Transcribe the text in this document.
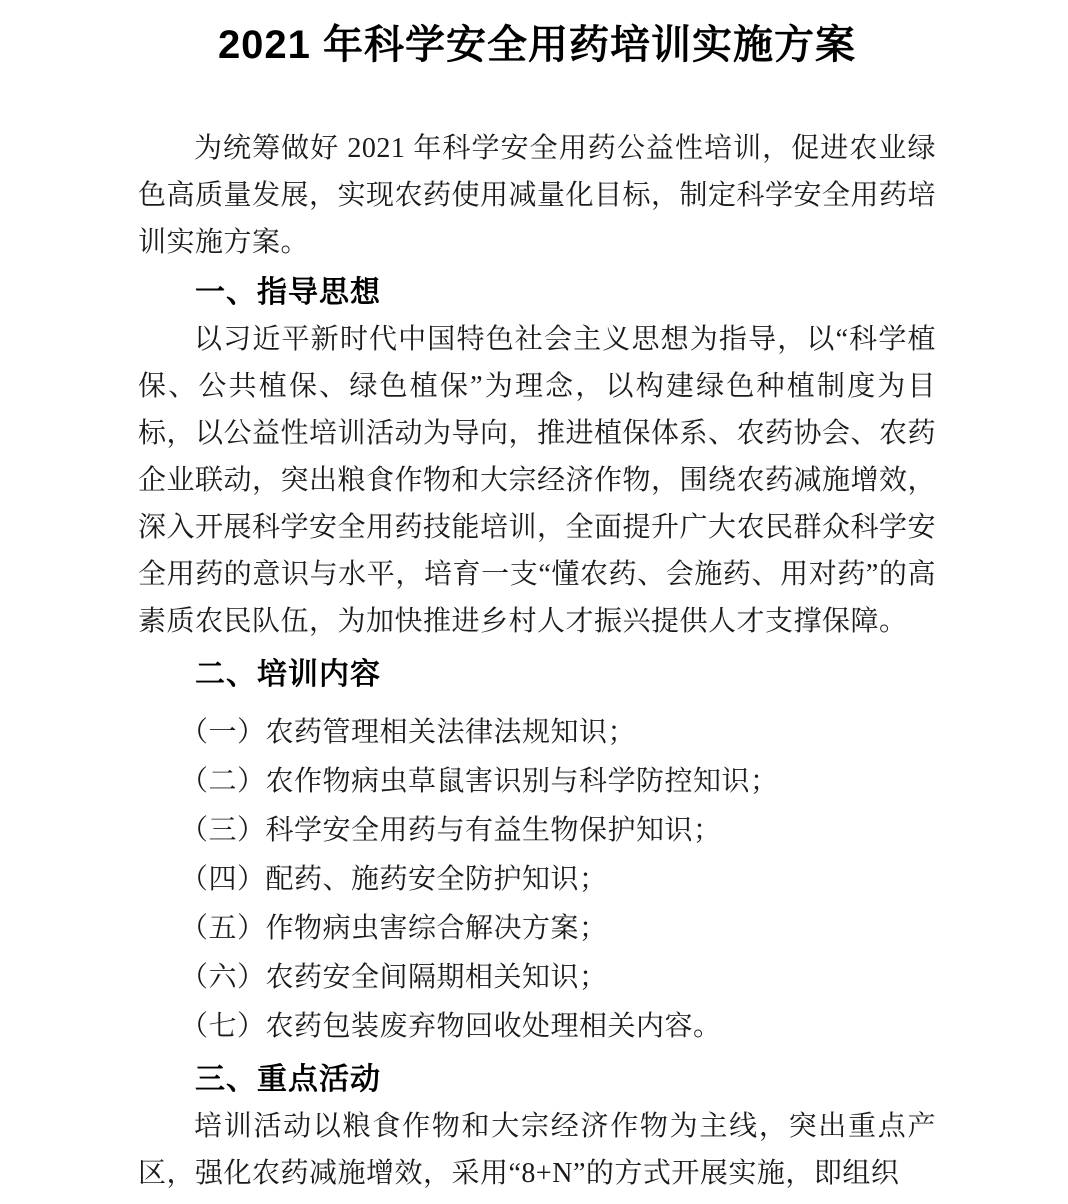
2021 年科学安全用药培训实施方案

为统筹做好 2021 年科学安全用药公益性培训，促进农业绿色高质量发展，实现农药使用减量化目标，制定科学安全用药培训实施方案。

一、指导思想

以习近平新时代中国特色社会主义思想为指导，以“科学植保、公共植保、绿色植保”为理念，以构建绿色种植制度为目标，以公益性培训活动为导向，推进植保体系、农药协会、农药企业联动，突出粮食作物和大宗经济作物，围绕农药减施增效，深入开展科学安全用药技能培训，全面提升广大农民群众科学安全用药的意识与水平，培育一支“懂农药、会施药、用对药”的高素质农民队伍，为加快推进乡村人才振兴提供人才支撑保障。

二、培训内容

（一）农药管理相关法律法规知识；

（二）农作物病虫草鼠害识别与科学防控知识；

（三）科学安全用药与有益生物保护知识；

（四）配药、施药安全防护知识；

（五）作物病虫害综合解决方案；

（六）农药安全间隔期相关知识；

（七）农药包装废弃物回收处理相关内容。

三、重点活动

培训活动以粮食作物和大宗经济作物为主线，突出重点产区，强化农药减施增效，采用“8+N”的方式开展实施，即组织
